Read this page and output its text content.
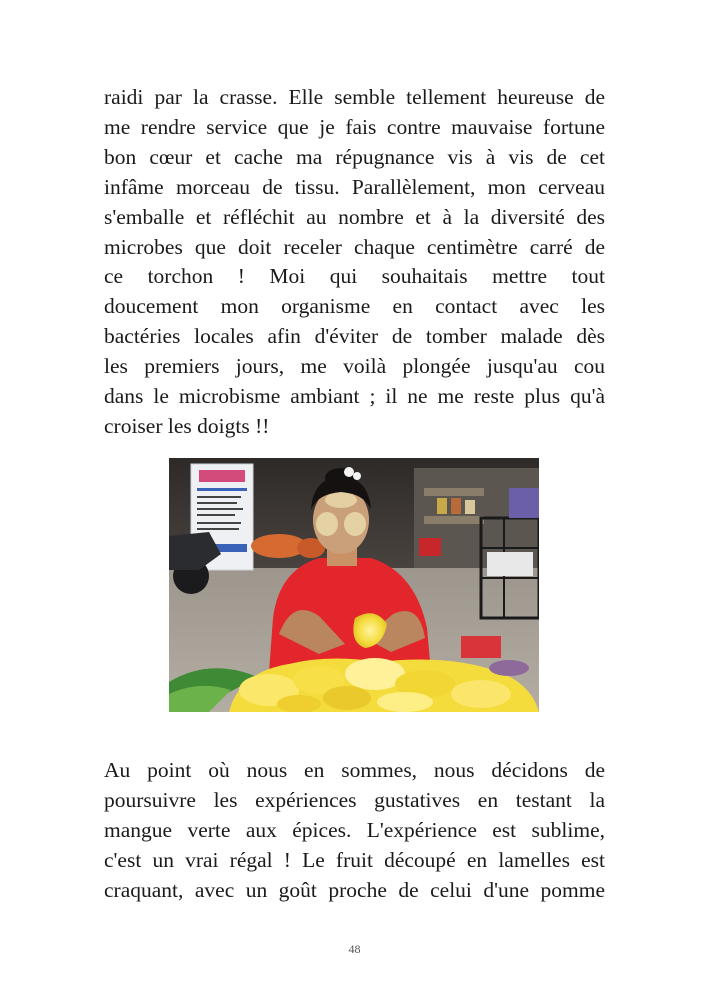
raidi par la crasse. Elle semble tellement heureuse de
me rendre service que je fais contre mauvaise fortune
bon cœur et cache ma répugnance vis à vis de cet
infâme morceau de tissu. Parallèlement, mon cerveau
s'emballe et réfléchit au nombre et à la diversité des
microbes que doit receler chaque centimètre carré de
ce torchon ! Moi qui souhaitais mettre tout
doucement mon organisme en contact avec les
bactéries locales afin d'éviter de tomber malade dès
les premiers jours, me voilà plongée jusqu'au cou
dans le microbisme ambiant ; il ne me reste plus qu'à
croiser les doigts !!

Au point où nous en sommes, nous décidons de
poursuivre les expériences gustatives en testant la
mangue verte aux épices. L'expérience est sublime,
c'est un vrai régal ! Le fruit découpé en lamelles est
craquant, avec un goût proche de celui d'une pomme

48
